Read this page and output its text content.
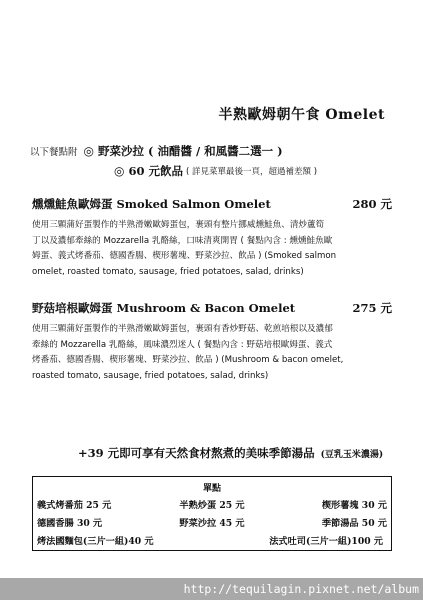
半熟歐姆朝午食 Omelet
以下餐點附 ◎ 野菜沙拉 ( 油醋醬 / 和風醬二選一 )
◎ 60 元飲品 ( 詳見菜單最後一頁，超過補差額 )
燻燻鮭魚歐姆蛋 Smoked Salmon Omelet	280 元
使用三顆蒲好蛋製作的半熟滑嫩歐姆蛋包，裹頭有整片挪威燻鮭魚、清炒蘆筍
丁以及濃郁牽絲的 Mozzarella 乳酪絲，口味清爽開胃 ( 餐點內含 : 燻燻鮭魚歐
姆蛋、義式烤番茄、德國香腸、楔形薯塊、野菜沙拉、飲品 ) (Smoked salmon
omelet, roasted tomato, sausage, fried potatoes, salad, drinks)
野菇培根歐姆蛋 Mushroom & Bacon Omelet	275 元
使用三顆蒲好蛋製作的半熟滑嫩歐姆蛋包，裹頭有香炒野菇、乾煎培根以及濃郁
牽絲的 Mozzarella 乳酪絲，風味濃烈迷人 ( 餐點內含 : 野菇培根歐姆蛋、義式
烤番茄、德國香腸、楔形薯塊、野菜沙拉、飲品 ) (Mushroom & bacon omelet,
roasted tomato, sausage, fried potatoes, salad, drinks)
+39 元即可享有天然食材熬煮的美味季節湯品 (豆乳玉米濃湯)
單點
義式烤番茄 25 元	半熟炒蛋 25 元	楔形薯塊 30 元
德國香腸 30 元	野菜沙拉 45 元	季節湯品 50 元
烤法國麵包(三片一組)40 元	法式吐司(三片一組)100 元
http://tequilagin.pixnet.net/album
